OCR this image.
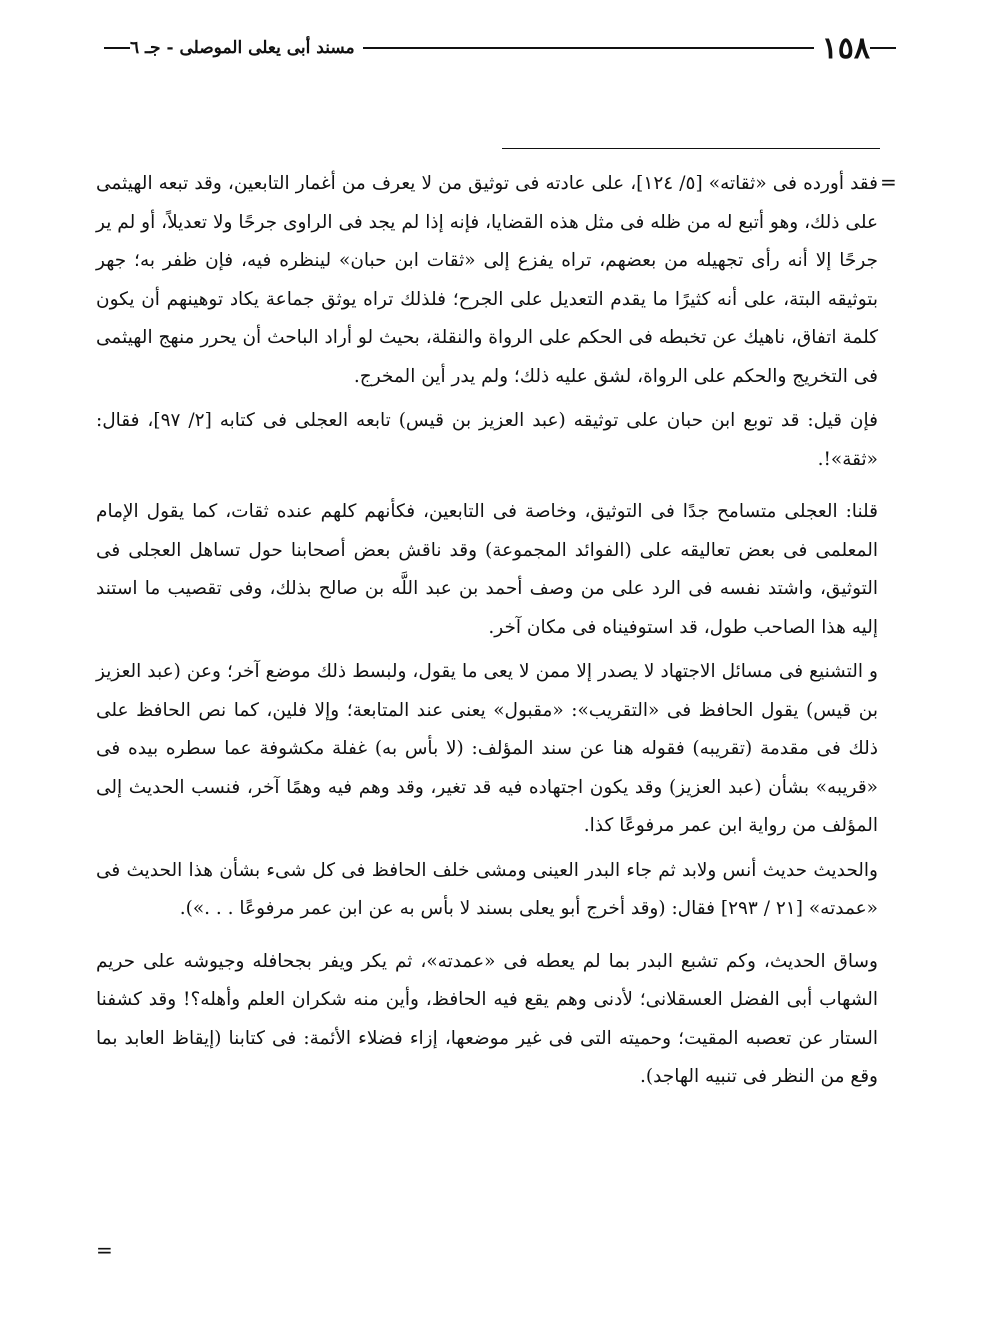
١٥٨
مسند أبى يعلى الموصلى - جـ ٦
=

فقد أورده فى «ثقاته» [٥/ ١٢٤]، على عادته فى توثيق من لا يعرف من أغمار التابعين، وقد تبعه الهيثمى على ذلك، وهو أتبع له من ظله فى مثل هذه القضايا، فإنه إذا لم يجد فى الراوى جرحًا ولا تعديلاً، أو لم ير جرحًا إلا أنه رأى تجهيله من بعضهم، تراه يفزع إلى «ثقات ابن حبان» لينظره فيه، فإن ظفر به؛ جهر بتوثيقه البتة، على أنه كثيرًا ما يقدم التعديل على الجرح؛ فلذلك تراه يوثق جماعة يكاد توهينهم أن يكون كلمة اتفاق، ناهيك عن تخبطه فى الحكم على الرواة والنقلة، بحيث لو أراد الباحث أن يحرر منهج الهيثمى فى التخريج والحكم على الرواة، لشق عليه ذلك؛ ولم يدر أين المخرج.

فإن قيل: قد توبع ابن حبان على توثيقه (عبد العزيز بن قيس) تابعه العجلى فى كتابه [٢/ ٩٧]، فقال: «ثقة»!.

قلنا: العجلى متسامح جدًا فى التوثيق، وخاصة فى التابعين، فكأنهم كلهم عنده ثقات، كما يقول الإمام المعلمى فى بعض تعاليقه على (الفوائد المجموعة) وقد ناقش بعض أصحابنا حول تساهل العجلى فى التوثيق، واشتد نفسه فى الرد على من وصف أحمد بن عبد اللَّه بن صالح بذلك، وفى تقصيب ما استند إليه هذا الصاحب طول، قد استوفيناه فى مكان آخر.

و التشنيع فى مسائل الاجتهاد لا يصدر إلا ممن لا يعى ما يقول، ولبسط ذلك موضع آخر؛ وعن (عبد العزيز بن قيس) يقول الحافظ فى «التقريب»: «مقبول» يعنى عند المتابعة؛ وإلا فلين، كما نص الحافظ على ذلك فى مقدمة (تقريبه) فقوله هنا عن سند المؤلف: (لا بأس به) غفلة مكشوفة عما سطره بيده فى «قريبه» بشأن (عبد العزيز) وقد يكون اجتهاده فيه قد تغير، وقد وهم فيه وهمًا آخر، فنسب الحديث إلى المؤلف من رواية ابن عمر مرفوعًا كذا.

والحديث حديث أنس ولابد ثم جاء البدر العينى ومشى خلف الحافظ فى كل شىء بشأن هذا الحديث فى «عمدته» [٢١ / ٢٩٣] فقال: (وقد أخرج أبو يعلى بسند لا بأس به عن ابن عمر مرفوعًا . . .»).

وساق الحديث، وكم تشبع البدر بما لم يعطه فى «عمدته»، ثم يكر ويفر بجحافله وجيوشه على حريم الشهاب أبى الفضل العسقلانى؛ لأدنى وهم يقع فيه الحافظ، وأين منه شكران العلم وأهله؟! وقد كشفنا الستار عن تعصبه المقيت؛ وحميته التى فى غير موضعها، إزاء فضلاء الأئمة: فى كتابنا (إيقاظ العابد بما وقع من النظر فى تنبيه الهاجد).

=
